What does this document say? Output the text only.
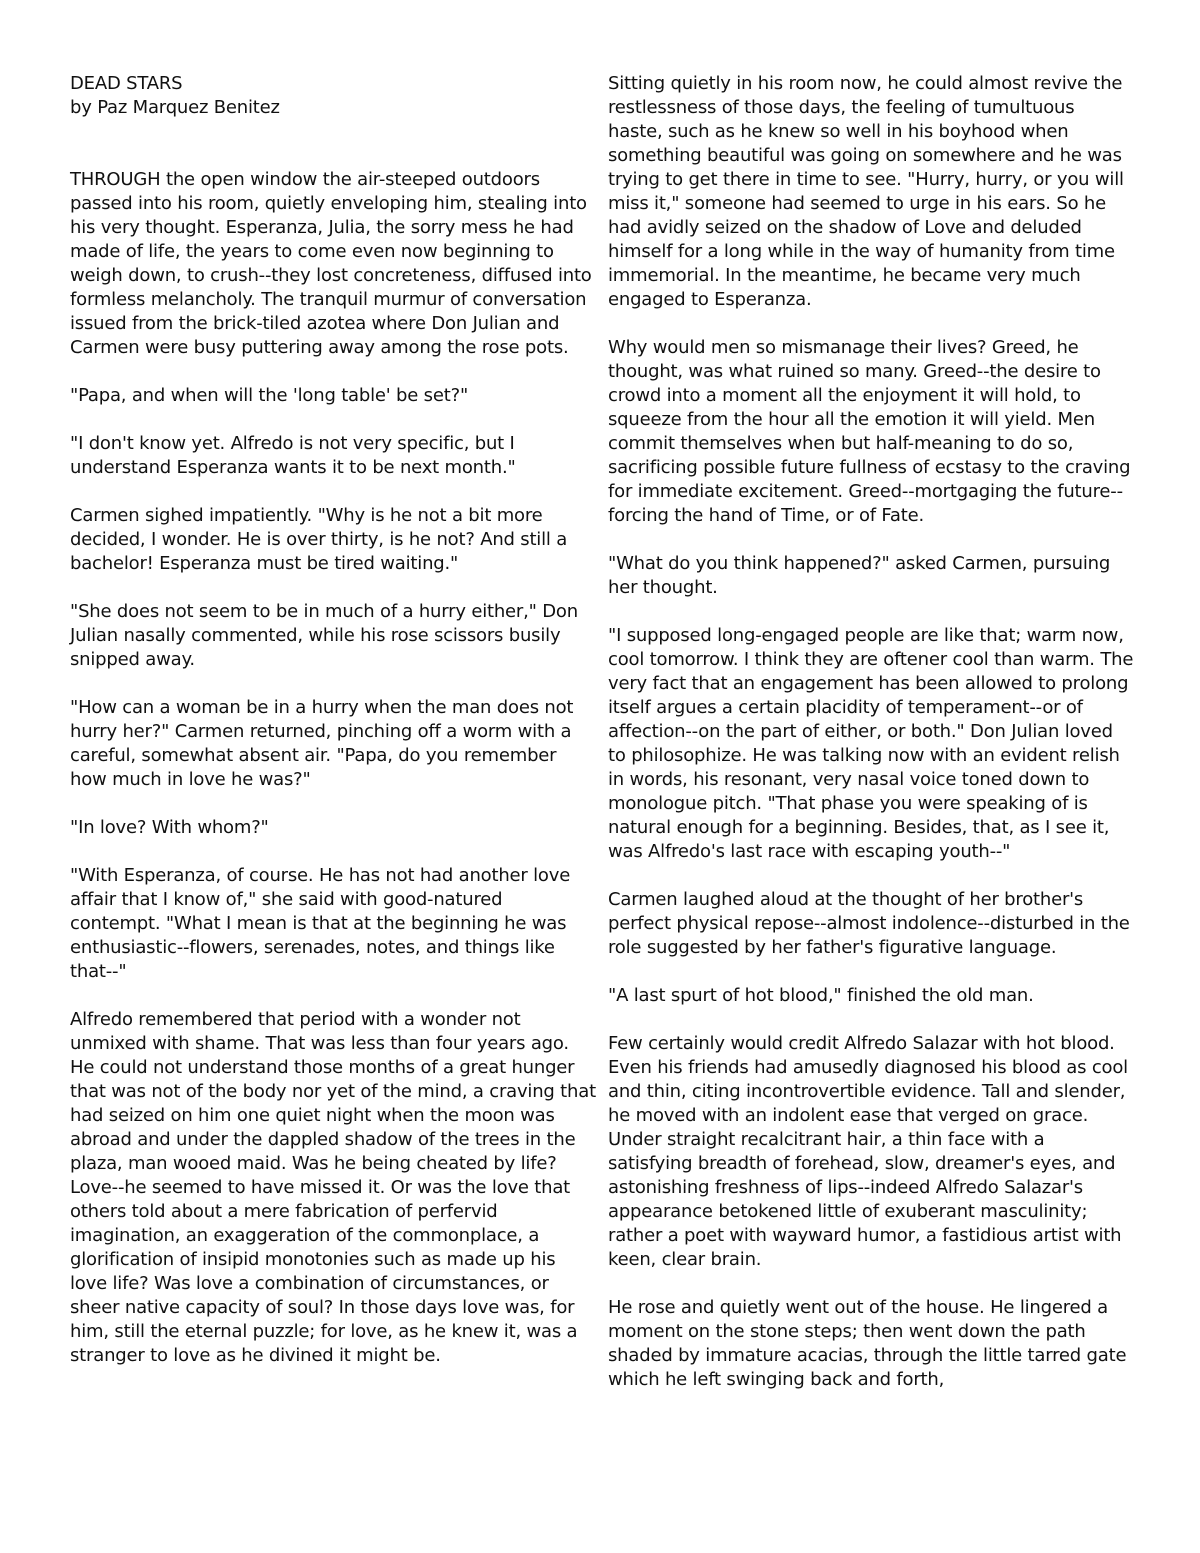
DEAD STARS
by Paz Marquez Benitez

THROUGH the open window the air-steeped outdoors passed into his room, quietly enveloping him, stealing into his very thought. Esperanza, Julia, the sorry mess he had made of life, the years to come even now beginning to weigh down, to crush--they lost concreteness, diffused into formless melancholy. The tranquil murmur of conversation issued from the brick-tiled azotea where Don Julian and Carmen were busy puttering away among the rose pots.

"Papa, and when will the 'long table' be set?"

"I don't know yet. Alfredo is not very specific, but I understand Esperanza wants it to be next month."

Carmen sighed impatiently. "Why is he not a bit more decided, I wonder. He is over thirty, is he not? And still a bachelor! Esperanza must be tired waiting."

"She does not seem to be in much of a hurry either," Don Julian nasally commented, while his rose scissors busily snipped away.

"How can a woman be in a hurry when the man does not hurry her?" Carmen returned, pinching off a worm with a careful, somewhat absent air. "Papa, do you remember how much in love he was?"

"In love? With whom?"

"With Esperanza, of course. He has not had another love affair that I know of," she said with good-natured contempt. "What I mean is that at the beginning he was enthusiastic--flowers, serenades, notes, and things like that--"

Alfredo remembered that period with a wonder not unmixed with shame. That was less than four years ago. He could not understand those months of a great hunger that was not of the body nor yet of the mind, a craving that had seized on him one quiet night when the moon was abroad and under the dappled shadow of the trees in the plaza, man wooed maid. Was he being cheated by life? Love--he seemed to have missed it. Or was the love that others told about a mere fabrication of perfervid imagination, an exaggeration of the commonplace, a glorification of insipid monotonies such as made up his love life? Was love a combination of circumstances, or sheer native capacity of soul? In those days love was, for him, still the eternal puzzle; for love, as he knew it, was a stranger to love as he divined it might be.

Sitting quietly in his room now, he could almost revive the restlessness of those days, the feeling of tumultuous haste, such as he knew so well in his boyhood when something beautiful was going on somewhere and he was trying to get there in time to see. "Hurry, hurry, or you will miss it," someone had seemed to urge in his ears. So he had avidly seized on the shadow of Love and deluded himself for a long while in the way of humanity from time immemorial. In the meantime, he became very much engaged to Esperanza.

Why would men so mismanage their lives? Greed, he thought, was what ruined so many. Greed--the desire to crowd into a moment all the enjoyment it will hold, to squeeze from the hour all the emotion it will yield. Men commit themselves when but half-meaning to do so, sacrificing possible future fullness of ecstasy to the craving for immediate excitement. Greed--mortgaging the future--forcing the hand of Time, or of Fate.

"What do you think happened?" asked Carmen, pursuing her thought.

"I supposed long-engaged people are like that; warm now, cool tomorrow. I think they are oftener cool than warm. The very fact that an engagement has been allowed to prolong itself argues a certain placidity of temperament--or of affection--on the part of either, or both." Don Julian loved to philosophize. He was talking now with an evident relish in words, his resonant, very nasal voice toned down to monologue pitch. "That phase you were speaking of is natural enough for a beginning. Besides, that, as I see it, was Alfredo's last race with escaping youth--"

Carmen laughed aloud at the thought of her brother's perfect physical repose--almost indolence--disturbed in the role suggested by her father's figurative language.

"A last spurt of hot blood," finished the old man.

Few certainly would credit Alfredo Salazar with hot blood. Even his friends had amusedly diagnosed his blood as cool and thin, citing incontrovertible evidence. Tall and slender, he moved with an indolent ease that verged on grace. Under straight recalcitrant hair, a thin face with a satisfying breadth of forehead, slow, dreamer's eyes, and astonishing freshness of lips--indeed Alfredo Salazar's appearance betokened little of exuberant masculinity; rather a poet with wayward humor, a fastidious artist with keen, clear brain.

He rose and quietly went out of the house. He lingered a moment on the stone steps; then went down the path shaded by immature acacias, through the little tarred gate which he left swinging back and forth,
